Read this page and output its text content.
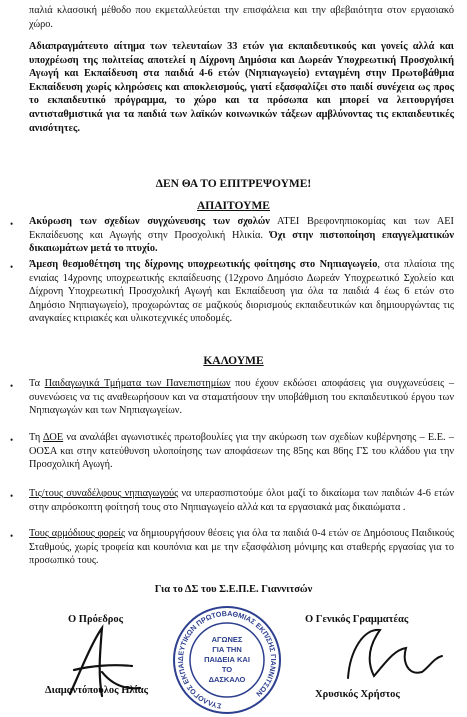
παλιά κλασσική μέθοδο που εκμεταλλεύεται την επισφάλεια και την αβεβαιότητα στον εργασιακό χώρο.
Αδιαπραγμάτευτο αίτημα των τελευταίων 33 ετών για εκπαιδευτικούς και γονείς αλλά και υποχρέωση της πολιτείας αποτελεί η Δίχρονη Δημόσια και Δωρεάν Υποχρεωτική Προσχολική Αγωγή και Εκπαίδευση στα παιδιά 4-6 ετών (Νηπιαγωγείο) ενταγμένη στην Πρωτοβάθμια Εκπαίδευση χωρίς κληρώσεις και αποκλεισμούς, γιατί εξασφαλίζει στο παιδί συνέχεια ως προς το εκπαιδευτικό πρόγραμμα, το χώρο και τα πρόσωπα και μπορεί να λειτουργήσει αντισταθμιστικά για τα παιδιά των λαϊκών κοινωνικών τάξεων αμβλύνοντας τις εκπαιδευτικές ανισότητες.
ΔΕΝ ΘΑ ΤΟ ΕΠΙΤΡΕΨΟΥΜΕ!
ΑΠΑΙΤΟΥΜΕ
• Ακύρωση των σχεδίων συγχώνευσης των σχολών ΑΤΕΙ Βρεφονηπιοκομίας και των ΑΕΙ Εκπαίδευσης και Αγωγής στην Προσχολική Ηλικία. Όχι στην πιστοποίηση επαγγελματικών δικαιωμάτων μετά το πτυχίο.
• Άμεση θεσμοθέτηση της δίχρονης υποχρεωτικής φοίτησης στο Νηπιαγωγείο, στα πλαίσια της ενιαίας 14χρονης υποχρεωτικής εκπαίδευσης (12χρονο Δημόσιο Δωρεάν Υποχρεωτικό Σχολείο και Δίχρονη Υποχρεωτική Προσχολική Αγωγή και Εκπαίδευση για όλα τα παιδιά 4 έως 6 ετών στο Δημόσιο Νηπιαγωγείο), προχωρώντας σε μαζικούς διορισμούς εκπαιδευτικών και δημιουργώντας τις αναγκαίες κτιριακές και υλικοτεχνικές υποδομές.
ΚΑΛΟΥΜΕ
• Τα Παιδαγωγικά Τμήματα των Πανεπιστημίων που έχουν εκδώσει αποφάσεις για συγχωνεύσεις – συνενώσεις να τις αναθεωρήσουν και να σταματήσουν την υποβάθμιση του εκπαιδευτικού έργου των Νηπιαγωγών και των Νηπιαγωγείων.
• Τη ΔΟΕ να αναλάβει αγωνιστικές πρωτοβουλίες για την ακύρωση των σχεδίων κυβέρνησης – Ε.Ε. – ΟΟΣΑ και στην κατεύθυνση υλοποίησης των αποφάσεων της 85ης και 86ης ΓΣ του κλάδου για την Προσχολική Αγωγή.
• Τις/τους συναδέλφους νηπιαγωγούς να υπερασπιστούμε όλοι μαζί το δικαίωμα των παιδιών 4-6 ετών στην απρόσκοπτη φοίτησή τους στο Νηπιαγωγείο αλλά και τα εργασιακά μας δικαιώματα .
• Τους αρμόδιους φορείς να δημιουργήσουν θέσεις για όλα τα παιδιά 0-4 ετών σε Δημόσιους Παιδικούς Σταθμούς, χωρίς τροφεία και κουπόνια και με την εξασφάλιση μόνιμης και σταθερής εργασίας για το προσωπικό τους.
Για το ΔΣ του Σ.Ε.Π.Ε. Γιαννιτσών
Ο Πρόεδρος
Διαμαντόπουλος Ηλίας
Ο Γενικός Γραμματέας
Χρυσικός Χρήστος
ΣΥΛΛΟΓΟΣ ΕΚΠΑΙΔΕΥΤΙΚΩΝ ΠΡΩΤΟΒΑΘΜΙΑΣ ΕΚΠ/ΣΗΣ ΓΙΑΝΝΙΤΣΩΝ
ΑΓΩΝΕΣ
ΓΙΑ ΤΗΝ
ΠΑΙΔΕΙΑ ΚΑΙ
ΤΟ
ΔΑΣΚΑΛΟ
